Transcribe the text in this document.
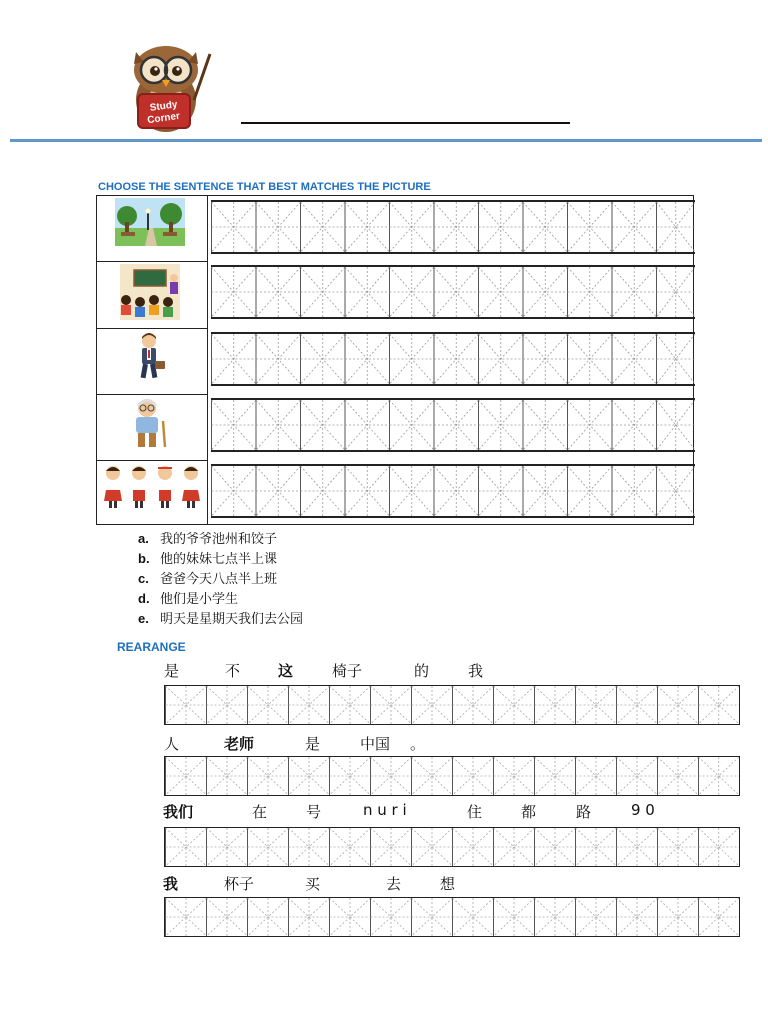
Study
Corner
CHOOSE THE SENTENCE THAT BEST MATCHES THE PICTURE
a. 我的爷爷池州和饺子
b. 他的妹妹七点半上课
c. 爸爸今天八点半上班
d. 他们是小学生
e. 明天是星期天我们去公园
REARANGE
是	不	这	椅子	的	我
人	老师	是	中国 。
我们	在	号	n u r i	住	都	路	9 0
我	杯子	买	去	想
